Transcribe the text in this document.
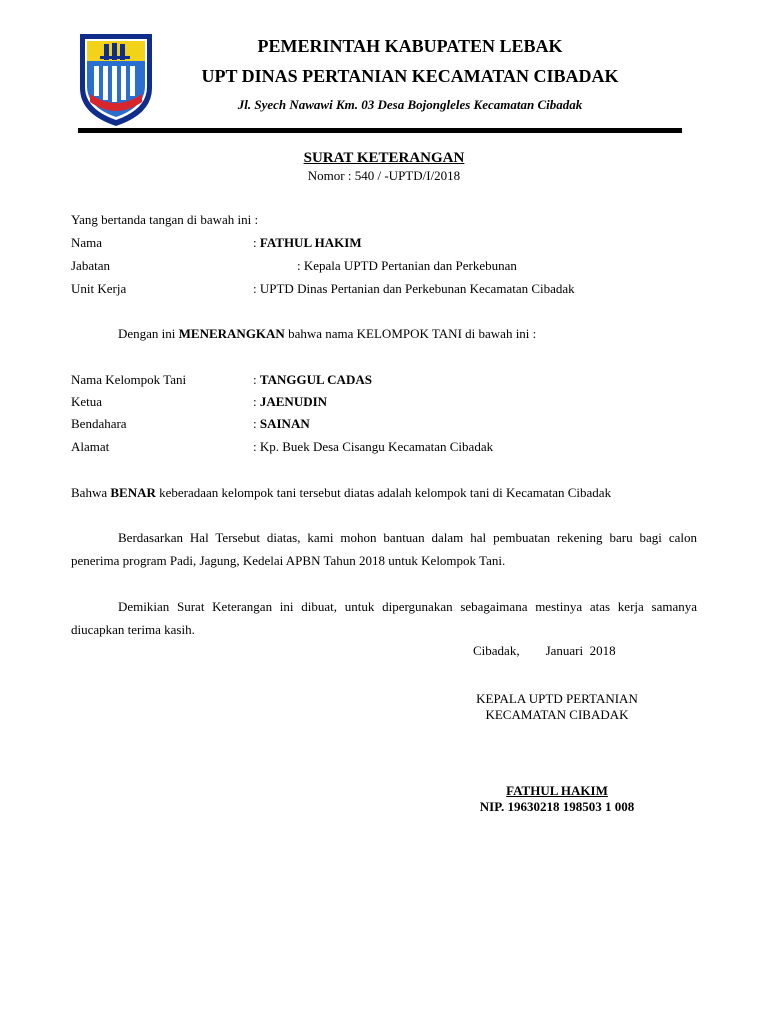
PEMERINTAH KABUPATEN LEBAK
UPT DINAS PERTANIAN KECAMATAN CIBADAK
Jl. Syech Nawawi Km. 03 Desa Bojongleles Kecamatan Cibadak
SURAT KETERANGAN
Nomor : 540 / -UPTD/I/2018
Yang bertanda tangan di bawah ini :
Nama	: FATHUL HAKIM
Jabatan	: Kepala UPTD Pertanian dan Perkebunan
Unit Kerja	: UPTD Dinas Pertanian dan Perkebunan Kecamatan Cibadak
Dengan ini MENERANGKAN bahwa nama KELOMPOK TANI di bawah ini :
Nama Kelompok Tani	: TANGGUL CADAS
Ketua	: JAENUDIN
Bendahara	: SAINAN
Alamat	: Kp. Buek Desa Cisangu Kecamatan Cibadak
Bahwa BENAR keberadaan kelompok tani tersebut diatas adalah kelompok tani di Kecamatan Cibadak
Berdasarkan Hal Tersebut diatas, kami mohon bantuan dalam hal pembuatan rekening baru bagi calon penerima program Padi, Jagung, Kedelai APBN Tahun 2018 untuk Kelompok Tani.
Demikian Surat Keterangan ini dibuat, untuk dipergunakan sebagaimana mestinya atas kerja samanya diucapkan terima kasih.
Cibadak,        Januari  2018
KEPALA UPTD PERTANIAN
KECAMATAN CIBADAK
FATHUL HAKIM
NIP. 19630218 198503 1 008
